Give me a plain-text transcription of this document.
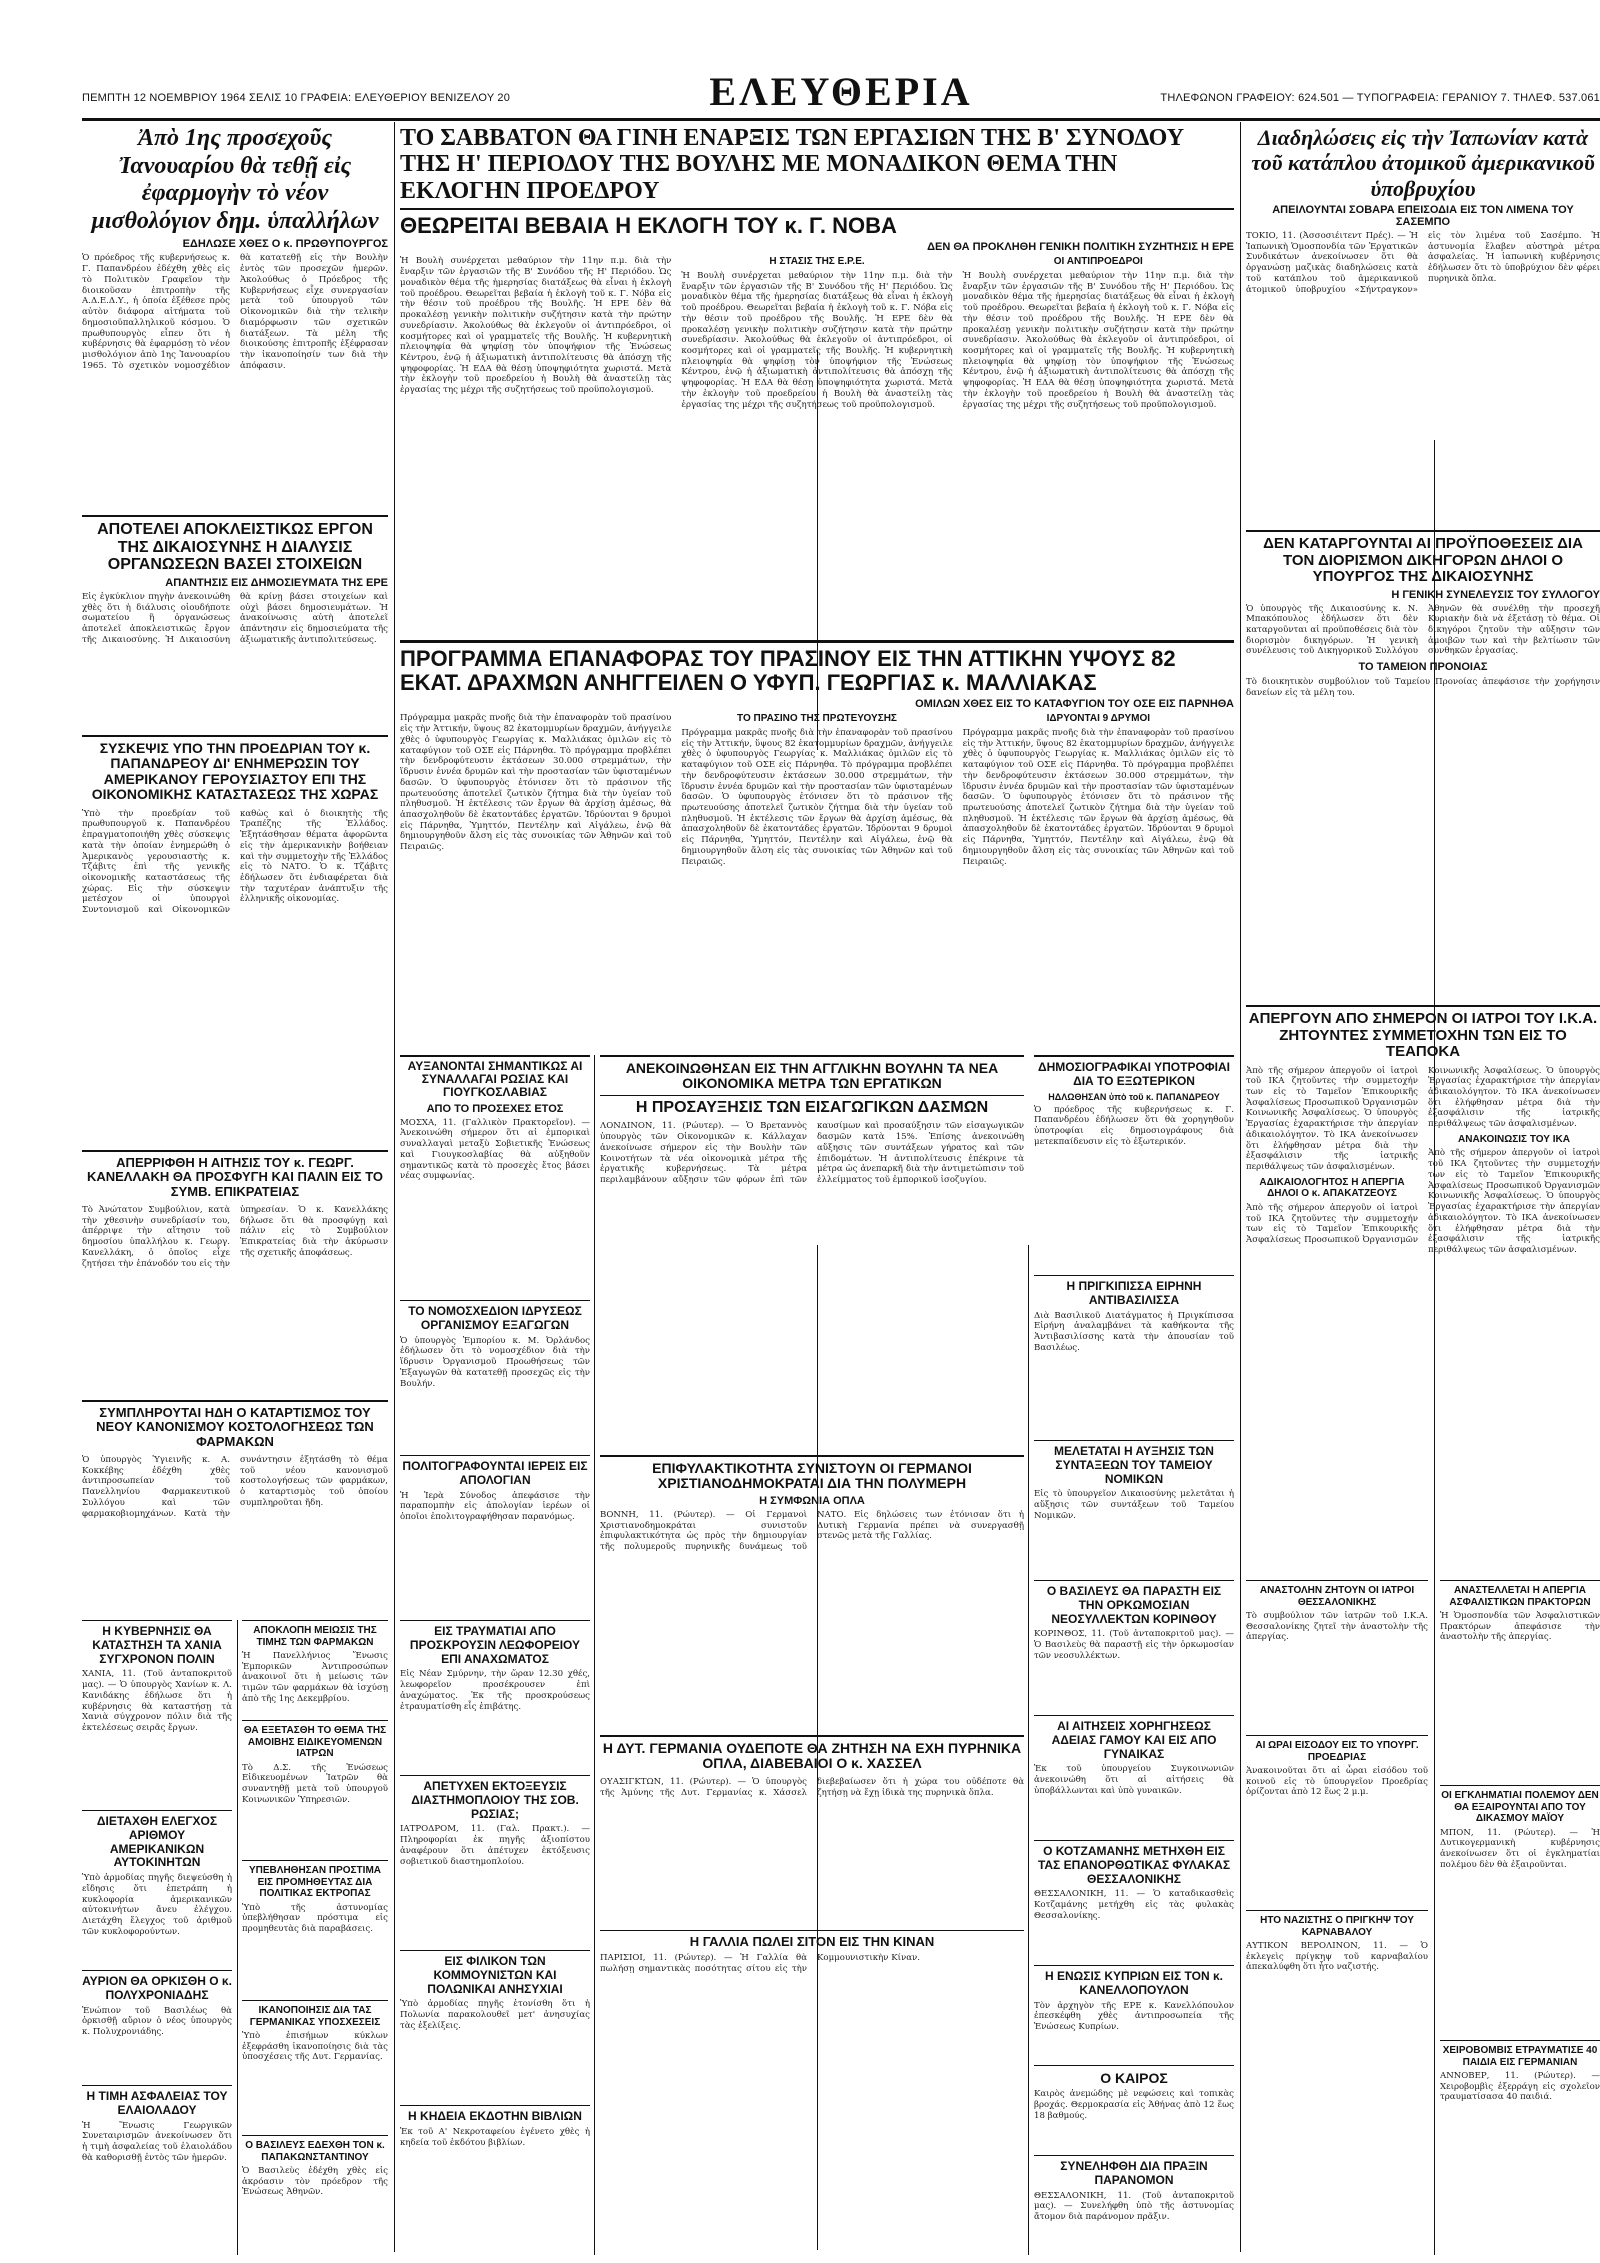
ΠΕΜΠΤΗ 12 ΝΟΕΜΒΡΙΟΥ 1964 ΣΕΛΙΣ 10 ΓΡΑΦΕΙΑ: ΕΛΕΥΘΕΡΙΟΥ ΒΕΝΙΖΕΛΟΥ 20	ΕΛΕΥΘΕΡΙΑ	ΤΗΛΕΦΩΝΟΝ ΓΡΑΦΕΙΟΥ: 624.501 — ΤΥΠΟΓΡΑΦΕΙΑ: ΓΕΡΑΝΙΟΥ 7. ΤΗΛΕΦ. 537.061
Ἀπὸ 1ης προσεχοῦς Ἰανουαρίου θὰ τεθῇ εἰς ἐφαρμογὴν τὸ νέον μισθολόγιον δημ. ὑπαλλήλων

ΕΔΗΛΩΣΕ ΧΘΕΣ Ο κ. ΠΡΩΘΥΠΟΥΡΓΟΣ

Ὁ πρόεδρος τῆς κυβερνήσεως κ. Γ. Παπανδρέου ἐδέχθη χθὲς εἰς τὸ Πολιτικὸν Γραφεῖον τὴν διοικοῦσαν ἐπιτροπὴν τῆς Α.Δ.Ε.Δ.Υ., ἡ ὁποία ἐξέθεσε πρὸς αὐτὸν διάφορα αἰτήματα τοῦ δημοσιοϋπαλληλικοῦ κόσμου. Ὁ πρωθυπουργὸς εἶπεν ὅτι ἡ κυβέρνησις θὰ ἐφαρμόσῃ τὸ νέον μισθολόγιον ἀπὸ 1ης Ἰανουαρίου 1965. Τὸ σχετικὸν νομοσχέδιον θὰ κατατεθῇ εἰς τὴν Βουλὴν ἐντὸς τῶν προσεχῶν ἡμερῶν. Ἀκολούθως ὁ Πρόεδρος τῆς Κυβερνήσεως εἶχε συνεργασίαν μετὰ τοῦ ὑπουργοῦ τῶν Οἰκονομικῶν διὰ τὴν τελικὴν διαμόρφωσιν τῶν σχετικῶν διατάξεων. Τὰ μέλη τῆς διοικούσης ἐπιτροπῆς ἐξέφρασαν τὴν ἱκανοποίησίν των διὰ τὴν ἀπόφασιν.

ΑΠΟΤΕΛΕΙ ΑΠΟΚΛΕΙΣΤΙΚΩΣ ΕΡΓΟΝ ΤΗΣ ΔΙΚΑΙΟΣΥΝΗΣ Η ΔΙΑΛΥΣΙΣ ΟΡΓΑΝΩΣΕΩΝ ΒΑΣΕΙ ΣΤΟΙΧΕΙΩΝ

ΑΠΑΝΤΗΣΙΣ ΕΙΣ ΔΗΜΟΣΙΕΥΜΑΤΑ ΤΗΣ ΕΡΕ

Εἰς ἐγκύκλιον πηγὴν ἀνεκοινώθη χθὲς ὅτι ἡ διάλυσις οἰουδήποτε σωματείου ἢ ὀργανώσεως ἀποτελεῖ ἀποκλειστικῶς ἔργον τῆς Δικαιοσύνης. Ἡ Δικαιοσύνη θὰ κρίνῃ βάσει στοιχείων καὶ οὐχὶ βάσει δημοσιευμάτων. Ἡ ἀνακοίνωσις αὐτὴ ἀποτελεῖ ἀπάντησιν εἰς δημοσιεύματα τῆς ἀξιωματικῆς ἀντιπολιτεύσεως.

ΣΥΣΚΕΨΙΣ ΥΠΟ ΤΗΝ ΠΡΟΕΔΡΙΑΝ ΤΟΥ κ. ΠΑΠΑΝΔΡΕΟΥ ΔΙ' ΕΝΗΜΕΡΩΣΙΝ ΤΟΥ ΑΜΕΡΙΚΑΝΟΥ ΓΕΡΟΥΣΙΑΣΤΟΥ ΕΠΙ ΤΗΣ ΟΙΚΟΝΟΜΙΚΗΣ ΚΑΤΑΣΤΑΣΕΩΣ ΤΗΣ ΧΩΡΑΣ

Ὑπὸ τὴν προεδρίαν τοῦ πρωθυπουργοῦ κ. Παπανδρέου ἐπραγματοποιήθη χθὲς σύσκεψις κατὰ τὴν ὁποίαν ἐνημερώθη ὁ Ἀμερικανὸς γερουσιαστὴς κ. Τζάβιτς ἐπὶ τῆς γενικῆς οἰκονομικῆς καταστάσεως τῆς χώρας. Εἰς τὴν σύσκεψιν μετέσχον οἱ ὑπουργοὶ Συντονισμοῦ καὶ Οἰκονομικῶν καθὼς καὶ ὁ διοικητὴς τῆς Τραπέζης τῆς Ἑλλάδος. Ἐξητάσθησαν θέματα ἀφορῶντα εἰς τὴν ἀμερικανικὴν βοήθειαν καὶ τὴν συμμετοχὴν τῆς Ἑλλάδος εἰς τὸ ΝΑΤΟ. Ὁ κ. Τζάβιτς ἐδήλωσεν ὅτι ἐνδιαφέρεται διὰ τὴν ταχυτέραν ἀνάπτυξιν τῆς ἑλληνικῆς οἰκονομίας.

ΑΠΕΡΡΙΦΘΗ Η ΑΙΤΗΣΙΣ ΤΟΥ κ. ΓΕΩΡΓ. ΚΑΝΕΛΛΑΚΗ ΘΑ ΠΡΟΣΦΥΓΗ ΚΑΙ ΠΑΛΙΝ ΕΙΣ ΤΟ ΣΥΜΒ. ΕΠΙΚΡΑΤΕΙΑΣ

Τὸ Ἀνώτατον Συμβούλιον, κατὰ τὴν χθεσινὴν συνεδρίασίν του, ἀπέρριψε τὴν αἴτησιν τοῦ δημοσίου ὑπαλλήλου κ. Γεωργ. Κανελλάκη, ὁ ὁποῖος εἶχε ζητήσει τὴν ἐπάνοδόν του εἰς τὴν ὑπηρεσίαν. Ὁ κ. Κανελλάκης δήλωσε ὅτι θὰ προσφύγῃ καὶ πάλιν εἰς τὸ Συμβούλιον Ἐπικρατείας διὰ τὴν ἀκύρωσιν τῆς σχετικῆς ἀποφάσεως.

ΣΥΜΠΛΗΡΟΥΤΑΙ ΗΔΗ Ο ΚΑΤΑΡΤΙΣΜΟΣ ΤΟΥ ΝΕΟΥ ΚΑΝΟΝΙΣΜΟΥ ΚΟΣΤΟΛΟΓΗΣΕΩΣ ΤΩΝ ΦΑΡΜΑΚΩΝ

Ὁ ὑπουργὸς Ὑγιεινῆς κ. Α. Κοκκέβης ἐδέχθη χθὲς ἀντιπροσωπείαν τοῦ Πανελληνίου Φαρμακευτικοῦ Συλλόγου καὶ τῶν φαρμακοβιομηχάνων. Κατὰ τὴν συνάντησιν ἐξητάσθη τὸ θέμα τοῦ νέου κανονισμοῦ κοστολογήσεως τῶν φαρμάκων, ὁ καταρτισμὸς τοῦ ὁποίου συμπληροῦται ἤδη.

Η ΚΥΒΕΡΝΗΣΙΣ ΘΑ ΚΑΤΑΣΤΗΣΗ ΤΑ ΧΑΝΙΑ ΣΥΓΧΡΟΝΟΝ ΠΟΛΙΝ

ΧΑΝΙΑ, 11. (Τοῦ ἀνταποκριτοῦ μας). — Ὁ ὑπουργὸς Χανίων κ. Λ. Κανιδάκης ἐδήλωσε ὅτι ἡ κυβέρνησις θὰ καταστήσῃ τὰ Χανιὰ σύγχρονον πόλιν διὰ τῆς ἐκτελέσεως σειρᾶς ἔργων.

ΔΙΕΤΑΧΘΗ ΕΛΕΓΧΟΣ ΑΡΙΘΜΟΥ ΑΜΕΡΙΚΑΝΙΚΩΝ ΑΥΤΟΚΙΝΗΤΩΝ

Ὑπὸ ἁρμοδίας πηγῆς διεψεύσθη ἡ εἴδησις ὅτι ἐπετράπη ἡ κυκλοφορία ἀμερικανικῶν αὐτοκινήτων ἄνευ ἐλέγχου. Διετάχθη ἔλεγχος τοῦ ἀριθμοῦ τῶν κυκλοφορούντων.

ΑΥΡΙΟΝ ΘΑ ΟΡΚΙΣΘΗ Ο κ. ΠΟΛΥΧΡΟΝΙΑΔΗΣ

Ἐνώπιον τοῦ Βασιλέως θὰ ὁρκισθῇ αὔριον ὁ νέος ὑπουργὸς κ. Πολυχρονιάδης.

Η ΤΙΜΗ ΑΣΦΑΛΕΙΑΣ ΤΟΥ ΕΛΑΙΟΛΑΔΟΥ

Ἡ Ἕνωσις Γεωργικῶν Συνεταιρισμῶν ἀνεκοίνωσεν ὅτι ἡ τιμὴ ἀσφαλείας τοῦ ἐλαιολάδου θὰ καθορισθῇ ἐντὸς τῶν ἡμερῶν.

ΑΠΟΚΛΟΠΗ ΜΕΙΩΣΙΣ ΤΗΣ ΤΙΜΗΣ ΤΩΝ ΦΑΡΜΑΚΩΝ

Ἡ Πανελλήνιος Ἕνωσις Ἐμπορικῶν Ἀντιπροσώπων ἀνακοινοῖ ὅτι ἡ μείωσις τῶν τιμῶν τῶν φαρμάκων θὰ ἰσχύσῃ ἀπὸ τῆς 1ης Δεκεμβρίου.

ΘΑ ΕΞΕΤΑΣΘΗ ΤΟ ΘΕΜΑ ΤΗΣ ΑΜΟΙΒΗΣ ΕΙΔΙΚΕΥΟΜΕΝΩΝ ΙΑΤΡΩΝ

Τὸ Δ.Σ. τῆς Ἑνώσεως Εἰδικευομένων Ἰατρῶν θὰ συναντηθῇ μετὰ τοῦ ὑπουργοῦ Κοινωνικῶν Ὑπηρεσιῶν.

ΥΠΕΒΛΗΘΗΣΑΝ ΠΡΟΣΤΙΜΑ ΕΙΣ ΠΡΟΜΗΘΕΥΤΑΣ ΔΙΑ ΠΟΛΙΤΙΚΑΣ ΕΚΤΡΟΠΑΣ

Ὑπὸ τῆς ἀστυνομίας ὑπεβλήθησαν πρόστιμα εἰς προμηθευτὰς διὰ παραβάσεις.

ΙΚΑΝΟΠΟΙΗΣΙΣ ΔΙΑ ΤΑΣ ΓΕΡΜΑΝΙΚΑΣ ΥΠΟΣΧΕΣΕΙΣ

Ὑπὸ ἐπισήμων κύκλων ἐξεφράσθη ἱκανοποίησις διὰ τὰς ὑποσχέσεις τῆς Δυτ. Γερμανίας.

Ο ΒΑΣΙΛΕΥΣ ΕΔΕΧΘΗ ΤΟΝ κ. ΠΑΠΑΚΩΝΣΤΑΝΤΙΝΟΥ

Ὁ Βασιλεὺς ἐδέχθη χθὲς εἰς ἀκρόασιν τὸν πρόεδρον τῆς Ἑνώσεως Ἀθηνῶν.

ΤΟ ΣΑΒΒΑΤΟΝ ΘΑ ΓΙΝΗ ΕΝΑΡΞΙΣ ΤΩΝ ΕΡΓΑΣΙΩΝ ΤΗΣ Β' ΣΥΝΟΔΟΥ ΤΗΣ Η' ΠΕΡΙΟΔΟΥ ΤΗΣ ΒΟΥΛΗΣ ΜΕ ΜΟΝΑΔΙΚΟΝ ΘΕΜΑ ΤΗΝ ΕΚΛΟΓΗΝ ΠΡΟΕΔΡΟΥ
ΘΕΩΡΕΙΤΑΙ ΒΕΒΑΙΑ Η ΕΚΛΟΓΗ ΤΟΥ κ. Γ. ΝΟΒΑ

ΔΕΝ ΘΑ ΠΡΟΚΛΗΘΗ ΓΕΝΙΚΗ ΠΟΛΙΤΙΚΗ ΣΥΖΗΤΗΣΙΣ Η ΕΡΕ

Ἡ Βουλὴ συνέρχεται μεθαύριον τὴν 11ην π.μ. διὰ τὴν ἔναρξιν τῶν ἐργασιῶν τῆς Β' Συνόδου τῆς Η' Περιόδου. Ὡς μοναδικὸν θέμα τῆς ἡμερησίας διατάξεως θὰ εἶναι ἡ ἐκλογὴ τοῦ προέδρου. Θεωρεῖται βεβαία ἡ ἐκλογὴ τοῦ κ. Γ. Νόβα εἰς τὴν θέσιν τοῦ προέδρου τῆς Βουλῆς. Ἡ ΕΡΕ δὲν θὰ προκαλέσῃ γενικὴν πολιτικὴν συζήτησιν κατὰ τὴν πρώτην συνεδρίασιν. Ἀκολούθως θὰ ἐκλεγοῦν οἱ ἀντιπρόεδροι, οἱ κοσμήτορες καὶ οἱ γραμματεῖς τῆς Βουλῆς. Ἡ κυβερνητικὴ πλειοψηφία θὰ ψηφίσῃ τὸν ὑποψήφιον τῆς Ἑνώσεως Κέντρου, ἐνῷ ἡ ἀξιωματικὴ ἀντιπολίτευσις θὰ ἀπόσχῃ τῆς ψηφοφορίας. Ἡ ΕΔΑ θὰ θέσῃ ὑποψηφιότητα χωριστά. Μετὰ τὴν ἐκλογὴν τοῦ προεδρείου ἡ Βουλὴ θὰ ἀναστείλῃ τὰς ἐργασίας της μέχρι τῆς συζητήσεως τοῦ προϋπολογισμοῦ.

Η ΣΤΑΣΙΣ ΤΗΣ Ε.Ρ.Ε.

Ἡ Βουλὴ συνέρχεται μεθαύριον τὴν 11ην π.μ. διὰ τὴν ἔναρξιν τῶν ἐργασιῶν τῆς Β' Συνόδου τῆς Η' Περιόδου. Ὡς μοναδικὸν θέμα τῆς ἡμερησίας διατάξεως θὰ εἶναι ἡ ἐκλογὴ τοῦ προέδρου. Θεωρεῖται βεβαία ἡ ἐκλογὴ τοῦ κ. Γ. Νόβα εἰς τὴν θέσιν τοῦ προέδρου τῆς Βουλῆς. Ἡ ΕΡΕ δὲν θὰ προκαλέσῃ γενικὴν πολιτικὴν συζήτησιν κατὰ τὴν πρώτην συνεδρίασιν. Ἀκολούθως θὰ ἐκλεγοῦν οἱ ἀντιπρόεδροι, οἱ κοσμήτορες καὶ οἱ γραμματεῖς τῆς Βουλῆς. Ἡ κυβερνητικὴ πλειοψηφία θὰ ψηφίσῃ τὸν ὑποψήφιον τῆς Ἑνώσεως Κέντρου, ἐνῷ ἡ ἀξιωματικὴ ἀντιπολίτευσις θὰ ἀπόσχῃ τῆς ψηφοφορίας. Ἡ ΕΔΑ θὰ θέσῃ ὑποψηφιότητα χωριστά. Μετὰ τὴν ἐκλογὴν τοῦ προεδρείου ἡ Βουλὴ θὰ ἀναστείλῃ τὰς ἐργασίας της μέχρι τῆς συζητήσεως τοῦ προϋπολογισμοῦ.

ΟΙ ΑΝΤΙΠΡΟΕΔΡΟΙ

Ἡ Βουλὴ συνέρχεται μεθαύριον τὴν 11ην π.μ. διὰ τὴν ἔναρξιν τῶν ἐργασιῶν τῆς Β' Συνόδου τῆς Η' Περιόδου. Ὡς μοναδικὸν θέμα τῆς ἡμερησίας διατάξεως θὰ εἶναι ἡ ἐκλογὴ τοῦ προέδρου. Θεωρεῖται βεβαία ἡ ἐκλογὴ τοῦ κ. Γ. Νόβα εἰς τὴν θέσιν τοῦ προέδρου τῆς Βουλῆς. Ἡ ΕΡΕ δὲν θὰ προκαλέσῃ γενικὴν πολιτικὴν συζήτησιν κατὰ τὴν πρώτην συνεδρίασιν. Ἀκολούθως θὰ ἐκλεγοῦν οἱ ἀντιπρόεδροι, οἱ κοσμήτορες καὶ οἱ γραμματεῖς τῆς Βουλῆς. Ἡ κυβερνητικὴ πλειοψηφία θὰ ψηφίσῃ τὸν ὑποψήφιον τῆς Ἑνώσεως Κέντρου, ἐνῷ ἡ ἀξιωματικὴ ἀντιπολίτευσις θὰ ἀπόσχῃ τῆς ψηφοφορίας. Ἡ ΕΔΑ θὰ θέσῃ ὑποψηφιότητα χωριστά. Μετὰ τὴν ἐκλογὴν τοῦ προεδρείου ἡ Βουλὴ θὰ ἀναστείλῃ τὰς ἐργασίας της μέχρι τῆς συζητήσεως τοῦ προϋπολογισμοῦ.

ΠΡΟΓΡΑΜΜΑ ΕΠΑΝΑΦΟΡΑΣ ΤΟΥ ΠΡΑΣΙΝΟΥ ΕΙΣ ΤΗΝ ΑΤΤΙΚΗΝ ΥΨΟΥΣ 82 ΕΚΑΤ. ΔΡΑΧΜΩΝ ΑΝΗΓΓΕΙΛΕΝ Ο ΥΦΥΠ. ΓΕΩΡΓΙΑΣ κ. ΜΑΛΛΙΑΚΑΣ

ΟΜΙΛΩΝ ΧΘΕΣ ΕΙΣ ΤΟ ΚΑΤΑΦΥΓΙΟΝ ΤΟΥ ΟΣΕ ΕΙΣ ΠΑΡΝΗΘΑ

Πρόγραμμα μακρᾶς πνοῆς διὰ τὴν ἐπαναφορὰν τοῦ πρασίνου εἰς τὴν Ἀττικήν, ὕψους 82 ἑκατομμυρίων δραχμῶν, ἀνήγγειλε χθὲς ὁ ὑφυπουργὸς Γεωργίας κ. Μαλλιάκας ὁμιλῶν εἰς τὸ καταφύγιον τοῦ ΟΣΕ εἰς Πάρνηθα. Τὸ πρόγραμμα προβλέπει τὴν δενδροφύτευσιν ἐκτάσεων 30.000 στρεμμάτων, τὴν ἵδρυσιν ἐννέα δρυμῶν καὶ τὴν προστασίαν τῶν ὑφισταμένων δασῶν. Ὁ ὑφυπουργὸς ἐτόνισεν ὅτι τὸ πράσινον τῆς πρωτευούσης ἀποτελεῖ ζωτικὸν ζήτημα διὰ τὴν ὑγείαν τοῦ πληθυσμοῦ. Ἡ ἐκτέλεσις τῶν ἔργων θὰ ἀρχίσῃ ἀμέσως, θὰ ἀπασχοληθοῦν δὲ ἑκατοντάδες ἐργατῶν. Ἰδρύονται 9 δρυμοὶ εἰς Πάρνηθα, Ὑμηττόν, Πεντέλην καὶ Αἰγάλεω, ἐνῷ θὰ δημιουργηθοῦν ἄλση εἰς τὰς συνοικίας τῶν Ἀθηνῶν καὶ τοῦ Πειραιῶς.

ΤΟ ΠΡΑΣΙΝΟ ΤΗΣ ΠΡΩΤΕΥΟΥΣΗΣ

Πρόγραμμα μακρᾶς πνοῆς διὰ τὴν ἐπαναφορὰν τοῦ πρασίνου εἰς τὴν Ἀττικήν, ὕψους 82 ἑκατομμυρίων δραχμῶν, ἀνήγγειλε χθὲς ὁ ὑφυπουργὸς Γεωργίας κ. Μαλλιάκας ὁμιλῶν εἰς τὸ καταφύγιον τοῦ ΟΣΕ εἰς Πάρνηθα. Τὸ πρόγραμμα προβλέπει τὴν δενδροφύτευσιν ἐκτάσεων 30.000 στρεμμάτων, τὴν ἵδρυσιν ἐννέα δρυμῶν καὶ τὴν προστασίαν τῶν ὑφισταμένων δασῶν. Ὁ ὑφυπουργὸς ἐτόνισεν ὅτι τὸ πράσινον τῆς πρωτευούσης ἀποτελεῖ ζωτικὸν ζήτημα διὰ τὴν ὑγείαν τοῦ πληθυσμοῦ. Ἡ ἐκτέλεσις τῶν ἔργων θὰ ἀρχίσῃ ἀμέσως, θὰ ἀπασχοληθοῦν δὲ ἑκατοντάδες ἐργατῶν. Ἰδρύονται 9 δρυμοὶ εἰς Πάρνηθα, Ὑμηττόν, Πεντέλην καὶ Αἰγάλεω, ἐνῷ θὰ δημιουργηθοῦν ἄλση εἰς τὰς συνοικίας τῶν Ἀθηνῶν καὶ τοῦ Πειραιῶς.

ΙΔΡΥΟΝΤΑΙ 9 ΔΡΥΜΟΙ

Πρόγραμμα μακρᾶς πνοῆς διὰ τὴν ἐπαναφορὰν τοῦ πρασίνου εἰς τὴν Ἀττικήν, ὕψους 82 ἑκατομμυρίων δραχμῶν, ἀνήγγειλε χθὲς ὁ ὑφυπουργὸς Γεωργίας κ. Μαλλιάκας ὁμιλῶν εἰς τὸ καταφύγιον τοῦ ΟΣΕ εἰς Πάρνηθα. Τὸ πρόγραμμα προβλέπει τὴν δενδροφύτευσιν ἐκτάσεων 30.000 στρεμμάτων, τὴν ἵδρυσιν ἐννέα δρυμῶν καὶ τὴν προστασίαν τῶν ὑφισταμένων δασῶν. Ὁ ὑφυπουργὸς ἐτόνισεν ὅτι τὸ πράσινον τῆς πρωτευούσης ἀποτελεῖ ζωτικὸν ζήτημα διὰ τὴν ὑγείαν τοῦ πληθυσμοῦ. Ἡ ἐκτέλεσις τῶν ἔργων θὰ ἀρχίσῃ ἀμέσως, θὰ ἀπασχοληθοῦν δὲ ἑκατοντάδες ἐργατῶν. Ἰδρύονται 9 δρυμοὶ εἰς Πάρνηθα, Ὑμηττόν, Πεντέλην καὶ Αἰγάλεω, ἐνῷ θὰ δημιουργηθοῦν ἄλση εἰς τὰς συνοικίας τῶν Ἀθηνῶν καὶ τοῦ Πειραιῶς.

ΑΥΞΑΝΟΝΤΑΙ ΣΗΜΑΝΤΙΚΩΣ ΑΙ ΣΥΝΑΛΛΑΓΑΙ ΡΩΣΙΑΣ ΚΑΙ ΓΙΟΥΓΚΟΣΛΑΒΙΑΣ

ΑΠΟ ΤΟ ΠΡΟΣΕΧΕΣ ΕΤΟΣ

ΜΟΣΧΑ, 11. (Γαλλικὸν Πρακτορεῖον). — Ἀνεκοινώθη σήμερον ὅτι αἱ ἐμπορικαὶ συναλλαγαὶ μεταξὺ Σοβιετικῆς Ἑνώσεως καὶ Γιουγκοσλαβίας θὰ αὐξηθοῦν σημαντικῶς κατὰ τὸ προσεχὲς ἔτος βάσει νέας συμφωνίας.

ΤΟ ΝΟΜΟΣΧΕΔΙΟΝ ΙΔΡΥΣΕΩΣ ΟΡΓΑΝΙΣΜΟΥ ΕΞΑΓΩΓΩΝ

Ὁ ὑπουργὸς Ἐμπορίου κ. Μ. Ὀρλάνδος ἐδήλωσεν ὅτι τὸ νομοσχέδιον διὰ τὴν ἵδρυσιν Ὀργανισμοῦ Προωθήσεως τῶν Ἐξαγωγῶν θὰ κατατεθῇ προσεχῶς εἰς τὴν Βουλήν.

ΠΟΛΙΤΟΓΡΑΦΟΥΝΤΑΙ ΙΕΡΕΙΣ ΕΙΣ ΑΠΟΛΟΓΙΑΝ

Ἡ Ἱερὰ Σύνοδος ἀπεφάσισε τὴν παραπομπὴν εἰς ἀπολογίαν ἱερέων οἱ ὁποῖοι ἐπολιτογραφήθησαν παρανόμως.

ΕΙΣ ΤΡΑΥΜΑΤΙΑΙ ΑΠΟ ΠΡΟΣΚΡΟΥΣΙΝ ΛΕΩΦΟΡΕΙΟΥ ΕΠΙ ΑΝΑΧΩΜΑΤΟΣ

Εἰς Νέαν Σμύρνην, τὴν ὥραν 12.30 χθές, λεωφορεῖον προσέκρουσεν ἐπὶ ἀναχώματος. Ἐκ τῆς προσκρούσεως ἐτραυματίσθη εἷς ἐπιβάτης.

ΑΠΕΤΥΧΕΝ ΕΚΤΟΞΕΥΣΙΣ ΔΙΑΣΤΗΜΟΠΛΟΙΟΥ ΤΗΣ ΣΟΒ. ΡΩΣΙΑΣ;

ΙΑΤΡΟΔΡΟΜ, 11. (Γαλ. Πρακτ.). — Πληροφορίαι ἐκ πηγῆς ἀξιοπίστου ἀναφέρουν ὅτι ἀπέτυχεν ἐκτόξευσις σοβιετικοῦ διαστημοπλοίου.

ΕΙΣ ΦΙΛΙΚΟΝ ΤΩΝ ΚΟΜΜΟΥΝΙΣΤΩΝ ΚΑΙ ΠΟΛΩΝΙΚΑΙ ΑΝΗΣΥΧΙΑΙ

Ὑπὸ ἀρμοδίας πηγῆς ἐτονίσθη ὅτι ἡ Πολωνία παρακολουθεῖ μετ' ἀνησυχίας τὰς ἐξελίξεις.

Η ΚΗΔΕΙΑ ΕΚΔΟΤΗΝ ΒΙΒΛΙΩΝ

Ἐκ τοῦ Α' Νεκροταφείου ἐγένετο χθὲς ἡ κηδεία τοῦ ἐκδότου βιβλίων.

ΑΝΕΚΟΙΝΩΘΗΣΑΝ ΕΙΣ ΤΗΝ ΑΓΓΛΙΚΗΝ ΒΟΥΛΗΝ ΤΑ ΝΕΑ ΟΙΚΟΝΟΜΙΚΑ ΜΕΤΡΑ ΤΩΝ ΕΡΓΑΤΙΚΩΝ
Η ΠΡΟΣΑΥΞΗΣΙΣ ΤΩΝ ΕΙΣΑΓΩΓΙΚΩΝ ΔΑΣΜΩΝ

ΛΟΝΔΙΝΟΝ, 11. (Ρώυτερ). — Ὁ Βρεταννὸς ὑπουργὸς τῶν Οἰκονομικῶν κ. Κάλλαχαν ἀνεκοίνωσε σήμερον εἰς τὴν Βουλὴν τῶν Κοινοτήτων τὰ νέα οἰκονομικὰ μέτρα τῆς ἐργατικῆς κυβερνήσεως. Τὰ μέτρα περιλαμβάνουν αὔξησιν τῶν φόρων ἐπὶ τῶν καυσίμων καὶ προσαύξησιν τῶν εἰσαγωγικῶν δασμῶν κατὰ 15%. Ἐπίσης ἀνεκοινώθη αὔξησις τῶν συντάξεων γήρατος καὶ τῶν ἐπιδομάτων. Ἡ ἀντιπολίτευσις ἐπέκρινε τὰ μέτρα ὡς ἀνεπαρκῆ διὰ τὴν ἀντιμετώπισιν τοῦ ἐλλείμματος τοῦ ἐμπορικοῦ ἰσοζυγίου.

ΕΠΙΦΥΛΑΚΤΙΚΟΤΗΤΑ ΣΥΝΙΣΤΟΥΝ ΟΙ ΓΕΡΜΑΝΟΙ ΧΡΙΣΤΙΑΝΟΔΗΜΟΚΡΑΤΑΙ ΔΙΑ ΤΗΝ ΠΟΛΥΜΕΡΗ

Η ΣΥΜΦΩΝΙΑ ΟΠΛΑ

ΒΟΝΝΗ, 11. (Ρώυτερ). — Οἱ Γερμανοὶ Χριστιανοδημοκράται συνιστοῦν ἐπιφυλακτικότητα ὡς πρὸς τὴν δημιουργίαν τῆς πολυμεροῦς πυρηνικῆς δυνάμεως τοῦ ΝΑΤΟ. Εἰς δηλώσεις των ἐτόνισαν ὅτι ἡ Δυτικὴ Γερμανία πρέπει νὰ συνεργασθῇ στενῶς μετὰ τῆς Γαλλίας.

Η ΔΥΤ. ΓΕΡΜΑΝΙΑ ΟΥΔΕΠΟΤΕ ΘΑ ΖΗΤΗΣΗ ΝΑ ΕΧΗ ΠΥΡΗΝΙΚΑ ΟΠΛΑ, ΔΙΑΒΕΒΑΙΟΙ Ο κ. ΧΑΣΣΕΛ

ΟΥΑΣΙΓΚΤΩΝ, 11. (Ρώυτερ). — Ὁ ὑπουργὸς τῆς Ἀμύνης τῆς Δυτ. Γερμανίας κ. Χάσσελ διεβεβαίωσεν ὅτι ἡ χώρα του οὐδέποτε θὰ ζητήσῃ νὰ ἔχῃ ἰδικὰ της πυρηνικὰ ὅπλα.

Η ΓΑΛΛΙΑ ΠΩΛΕΙ ΣΙΤΟΝ ΕΙΣ ΤΗΝ ΚΙΝΑΝ

ΠΑΡΙΣΙΟΙ, 11. (Ρώυτερ). — Ἡ Γαλλία θὰ πωλήσῃ σημαντικὰς ποσότητας σίτου εἰς τὴν Κομμουνιστικὴν Κίναν.

ΔΗΜΟΣΙΟΓΡΑΦΙΚΑΙ ΥΠΟΤΡΟΦΙΑΙ ΔΙΑ ΤΟ ΕΞΩΤΕΡΙΚΟΝ

ΗΔΛΩΘΗΣΑΝ ὑπὸ τοῦ κ. ΠΑΠΑΝΔΡΕΟΥ

Ὁ πρόεδρος τῆς κυβερνήσεως κ. Γ. Παπανδρέου ἐδήλωσεν ὅτι θὰ χορηγηθοῦν ὑποτροφίαι εἰς δημοσιογράφους διὰ μετεκπαίδευσιν εἰς τὸ ἐξωτερικόν.

Η ΠΡΙΓΚΙΠΙΣΣΑ ΕΙΡΗΝΗ ΑΝΤΙΒΑΣΙΛΙΣΣΑ

Διὰ Βασιλικοῦ Διατάγματος ἡ Πριγκίπισσα Εἰρήνη ἀναλαμβάνει τὰ καθήκοντα τῆς Ἀντιβασιλίσσης κατὰ τὴν ἀπουσίαν τοῦ Βασιλέως.

ΜΕΛΕΤΑΤΑΙ Η ΑΥΞΗΣΙΣ ΤΩΝ ΣΥΝΤΑΞΕΩΝ ΤΟΥ ΤΑΜΕΙΟΥ ΝΟΜΙΚΩΝ

Εἰς τὸ ὑπουργεῖον Δικαιοσύνης μελετᾶται ἡ αὔξησις τῶν συντάξεων τοῦ Ταμείου Νομικῶν.

Ο ΒΑΣΙΛΕΥΣ ΘΑ ΠΑΡΑΣΤΗ ΕΙΣ ΤΗΝ ΟΡΚΩΜΟΣΙΑΝ ΝΕΟΣΥΛΛΕΚΤΩΝ ΚΟΡΙΝΘΟΥ

ΚΟΡΙΝΘΟΣ, 11. (Τοῦ ἀνταποκριτοῦ μας). — Ὁ Βασιλεὺς θὰ παραστῇ εἰς τὴν ὁρκωμοσίαν τῶν νεοσυλλέκτων.

ΑΙ ΑΙΤΗΣΕΙΣ ΧΟΡΗΓΗΣΕΩΣ ΑΔΕΙΑΣ ΓΑΜΟΥ ΚΑΙ ΕΙΣ ΑΠΟ ΓΥΝΑΙΚΑΣ

Ἐκ τοῦ ὑπουργείου Συγκοινωνιῶν ἀνεκοινώθη ὅτι αἱ αἰτήσεις θὰ ὑποβάλλωνται καὶ ὑπὸ γυναικῶν.

Ο ΚΟΤΖΑΜΑΝΗΣ ΜΕΤΗΧΘΗ ΕΙΣ ΤΑΣ ΕΠΑΝΟΡΘΩΤΙΚΑΣ ΦΥΛΑΚΑΣ ΘΕΣΣΑΛΟΝΙΚΗΣ

ΘΕΣΣΑΛΟΝΙΚΗ, 11. — Ὁ καταδικασθεὶς Κοτζαμάνης μετήχθη εἰς τὰς φυλακὰς Θεσσαλονίκης.

Η ΕΝΩΣΙΣ ΚΥΠΡΙΩΝ ΕΙΣ ΤΟΝ κ. ΚΑΝΕΛΛΟΠΟΥΛΟΝ

Τὸν ἀρχηγὸν τῆς ΕΡΕ κ. Κανελλόπουλον ἐπεσκέφθη χθὲς ἀντιπροσωπεία τῆς Ἑνώσεως Κυπρίων.

Ο ΚΑΙΡΟΣ

Καιρὸς ἀνεμώδης μὲ νεφώσεις καὶ τοπικὰς βροχάς. Θερμοκρασία εἰς Ἀθήνας ἀπὸ 12 ἕως 18 βαθμούς.

ΣΥΝΕΛΗΦΘΗ ΔΙΑ ΠΡΑΞΙΝ ΠΑΡΑΝΟΜΟΝ

ΘΕΣΣΑΛΟΝΙΚΗ, 11. (Τοῦ ἀνταποκριτοῦ μας). — Συνελήφθη ὑπὸ τῆς ἀστυνομίας ἄτομον διὰ παράνομον πρᾶξιν.

Διαδηλώσεις εἰς τὴν Ἰαπωνίαν κατὰ τοῦ κατάπλου ἀτομικοῦ ἀμερικανικοῦ ὑποβρυχίου

ΑΠΕΙΛΟΥΝΤΑΙ ΣΟΒΑΡΑ ΕΠΕΙΣΟΔΙΑ ΕΙΣ ΤΟΝ ΛΙΜΕΝΑ ΤΟΥ ΣΑΣΕΜΠΟ

ΤΟΚΙΟ, 11. (Ἀσσοσιέιτεντ Πρές). — Ἡ Ἰαπωνικὴ Ὁμοσπονδία τῶν Ἐργατικῶν Συνδικάτων ἀνεκοίνωσεν ὅτι θὰ ὀργανώσῃ μαζικὰς διαδηλώσεις κατὰ τοῦ κατάπλου τοῦ ἀμερικανικοῦ ἀτομικοῦ ὑποβρυχίου «Σήντραγκον» εἰς τὸν λιμένα τοῦ Σασέμπο. Ἡ ἀστυνομία ἔλαβεν αὐστηρὰ μέτρα ἀσφαλείας. Ἡ ἰαπωνικὴ κυβέρνησις ἐδήλωσεν ὅτι τὸ ὑποβρύχιον δὲν φέρει πυρηνικὰ ὅπλα.

ΔΕΝ ΚΑΤΑΡΓΟΥΝΤΑΙ ΑΙ ΠΡΟΫΠΟΘΕΣΕΙΣ ΔΙΑ ΤΟΝ ΔΙΟΡΙΣΜΟΝ ΔΙΚΗΓΟΡΩΝ ΔΗΛΟΙ Ο ΥΠΟΥΡΓΟΣ ΤΗΣ ΔΙΚΑΙΟΣΥΝΗΣ

Η ΓΕΝΙΚΗ ΣΥΝΕΛΕΥΣΙΣ ΤΟΥ ΣΥΛΛΟΓΟΥ

Ὁ ὑπουργὸς τῆς Δικαιοσύνης κ. Ν. Μπακόπουλος ἐδήλωσεν ὅτι δὲν καταργοῦνται αἱ προϋποθέσεις διὰ τὸν διορισμὸν δικηγόρων. Ἡ γενικὴ συνέλευσις τοῦ Δικηγορικοῦ Συλλόγου Ἀθηνῶν θὰ συνέλθῃ τὴν προσεχῆ Κυριακὴν διὰ νὰ ἐξετάσῃ τὸ θέμα. Οἱ δικηγόροι ζητοῦν τὴν αὔξησιν τῶν ἀμοιβῶν των καὶ τὴν βελτίωσιν τῶν συνθηκῶν ἐργασίας.

ΤΟ ΤΑΜΕΙΟΝ ΠΡΟΝΟΙΑΣ

Τὸ διοικητικὸν συμβούλιον τοῦ Ταμείου Προνοίας ἀπεφάσισε τὴν χορήγησιν δανείων εἰς τὰ μέλη του.

ΑΠΕΡΓΟΥΝ ΑΠΟ ΣΗΜΕΡΟΝ ΟΙ ΙΑΤΡΟΙ ΤΟΥ Ι.Κ.Α. ΖΗΤΟΥΝΤΕΣ ΣΥΜΜΕΤΟΧΗΝ ΤΩΝ ΕΙΣ ΤΟ ΤΕΑΠΟΚΑ

Ἀπὸ τῆς σήμερον ἀπεργοῦν οἱ ἰατροὶ τοῦ ΙΚΑ ζητοῦντες τὴν συμμετοχήν των εἰς τὸ Ταμεῖον Ἐπικουρικῆς Ἀσφαλίσεως Προσωπικοῦ Ὀργανισμῶν Κοινωνικῆς Ἀσφαλίσεως. Ὁ ὑπουργὸς Ἐργασίας ἐχαρακτήρισε τὴν ἀπεργίαν ἀδικαιολόγητον. Τὸ ΙΚΑ ἀνεκοίνωσεν ὅτι ἐλήφθησαν μέτρα διὰ τὴν ἐξασφάλισιν τῆς ἰατρικῆς περιθάλψεως τῶν ἀσφαλισμένων.

ΑΔΙΚΑΙΟΛΟΓΗΤΟΣ Η ΑΠΕΡΓΙΑ ΔΗΛΟΙ Ο κ. ΑΠΑΚΑΤΖΕΟΥΣ

Ἀπὸ τῆς σήμερον ἀπεργοῦν οἱ ἰατροὶ τοῦ ΙΚΑ ζητοῦντες τὴν συμμετοχήν των εἰς τὸ Ταμεῖον Ἐπικουρικῆς Ἀσφαλίσεως Προσωπικοῦ Ὀργανισμῶν Κοινωνικῆς Ἀσφαλίσεως. Ὁ ὑπουργὸς Ἐργασίας ἐχαρακτήρισε τὴν ἀπεργίαν ἀδικαιολόγητον. Τὸ ΙΚΑ ἀνεκοίνωσεν ὅτι ἐλήφθησαν μέτρα διὰ τὴν ἐξασφάλισιν τῆς ἰατρικῆς περιθάλψεως τῶν ἀσφαλισμένων.

ΑΝΑΚΟΙΝΩΣΙΣ ΤΟΥ ΙΚΑ

Ἀπὸ τῆς σήμερον ἀπεργοῦν οἱ ἰατροὶ τοῦ ΙΚΑ ζητοῦντες τὴν συμμετοχήν των εἰς τὸ Ταμεῖον Ἐπικουρικῆς Ἀσφαλίσεως Προσωπικοῦ Ὀργανισμῶν Κοινωνικῆς Ἀσφαλίσεως. Ὁ ὑπουργὸς Ἐργασίας ἐχαρακτήρισε τὴν ἀπεργίαν ἀδικαιολόγητον. Τὸ ΙΚΑ ἀνεκοίνωσεν ὅτι ἐλήφθησαν μέτρα διὰ τὴν ἐξασφάλισιν τῆς ἰατρικῆς περιθάλψεως τῶν ἀσφαλισμένων.

ΑΝΑΣΤΟΛΗΝ ΖΗΤΟΥΝ ΟΙ ΙΑΤΡΟΙ ΘΕΣΣΑΛΟΝΙΚΗΣ

Τὸ συμβούλιον τῶν ἰατρῶν τοῦ Ι.Κ.Α. Θεσσαλονίκης ζητεῖ τὴν ἀναστολὴν τῆς ἀπεργίας.

ΑΙ ΩΡΑΙ ΕΙΣΟΔΟΥ ΕΙΣ ΤΟ ΥΠΟΥΡΓ. ΠΡΟΕΔΡΙΑΣ

Ἀνακοινοῦται ὅτι αἱ ὧραι εἰσόδου τοῦ κοινοῦ εἰς τὸ ὑπουργεῖον Προεδρίας ὁρίζονται ἀπὸ 12 ἕως 2 μ.μ.

ΗΤΟ ΝΑΖΙΣΤΗΣ Ο ΠΡΙΓΚΗΨ ΤΟΥ ΚΑΡΝΑΒΑΛΟΥ

ΑΥΤΙΚΟΝ ΒΕΡΟΛΙΝΟΝ, 11. — Ὁ ἐκλεγεὶς πρίγκηψ τοῦ καρναβαλίου ἀπεκαλύφθη ὅτι ἦτο ναζιστής.

ΑΝΑΣΤΕΛΛΕΤΑΙ Η ΑΠΕΡΓΙΑ ΑΣΦΑΛΙΣΤΙΚΩΝ ΠΡΑΚΤΟΡΩΝ

Ἡ Ὁμοσπονδία τῶν Ἀσφαλιστικῶν Πρακτόρων ἀπεφάσισε τὴν ἀναστολὴν τῆς ἀπεργίας.

ΟΙ ΕΓΚΛΗΜΑΤΙΑΙ ΠΟΛΕΜΟΥ ΔΕΝ ΘΑ ΕΞΑΙΡΟΥΝΤΑΙ ΑΠΟ ΤΟΥ ΔΙΚΑΣΜΟΥ ΜΑΪΟΥ

ΜΠΟΝ, 11. (Ρώυτερ). — Ἡ Δυτικογερμανικὴ κυβέρνησις ἀνεκοίνωσεν ὅτι οἱ ἐγκληματίαι πολέμου δὲν θὰ ἐξαιροῦνται.

ΧΕΙΡΟΒΟΜΒΙΣ ΕΤΡΑΥΜΑΤΙΣΕ 40 ΠΑΙΔΙΑ ΕΙΣ ΓΕΡΜΑΝΙΑΝ

ΑΝΝΟΒΕΡ, 11. (Ρώυτερ). — Χειροβομβὶς ἐξερράγη εἰς σχολεῖον τραυματίσασα 40 παιδιά.
